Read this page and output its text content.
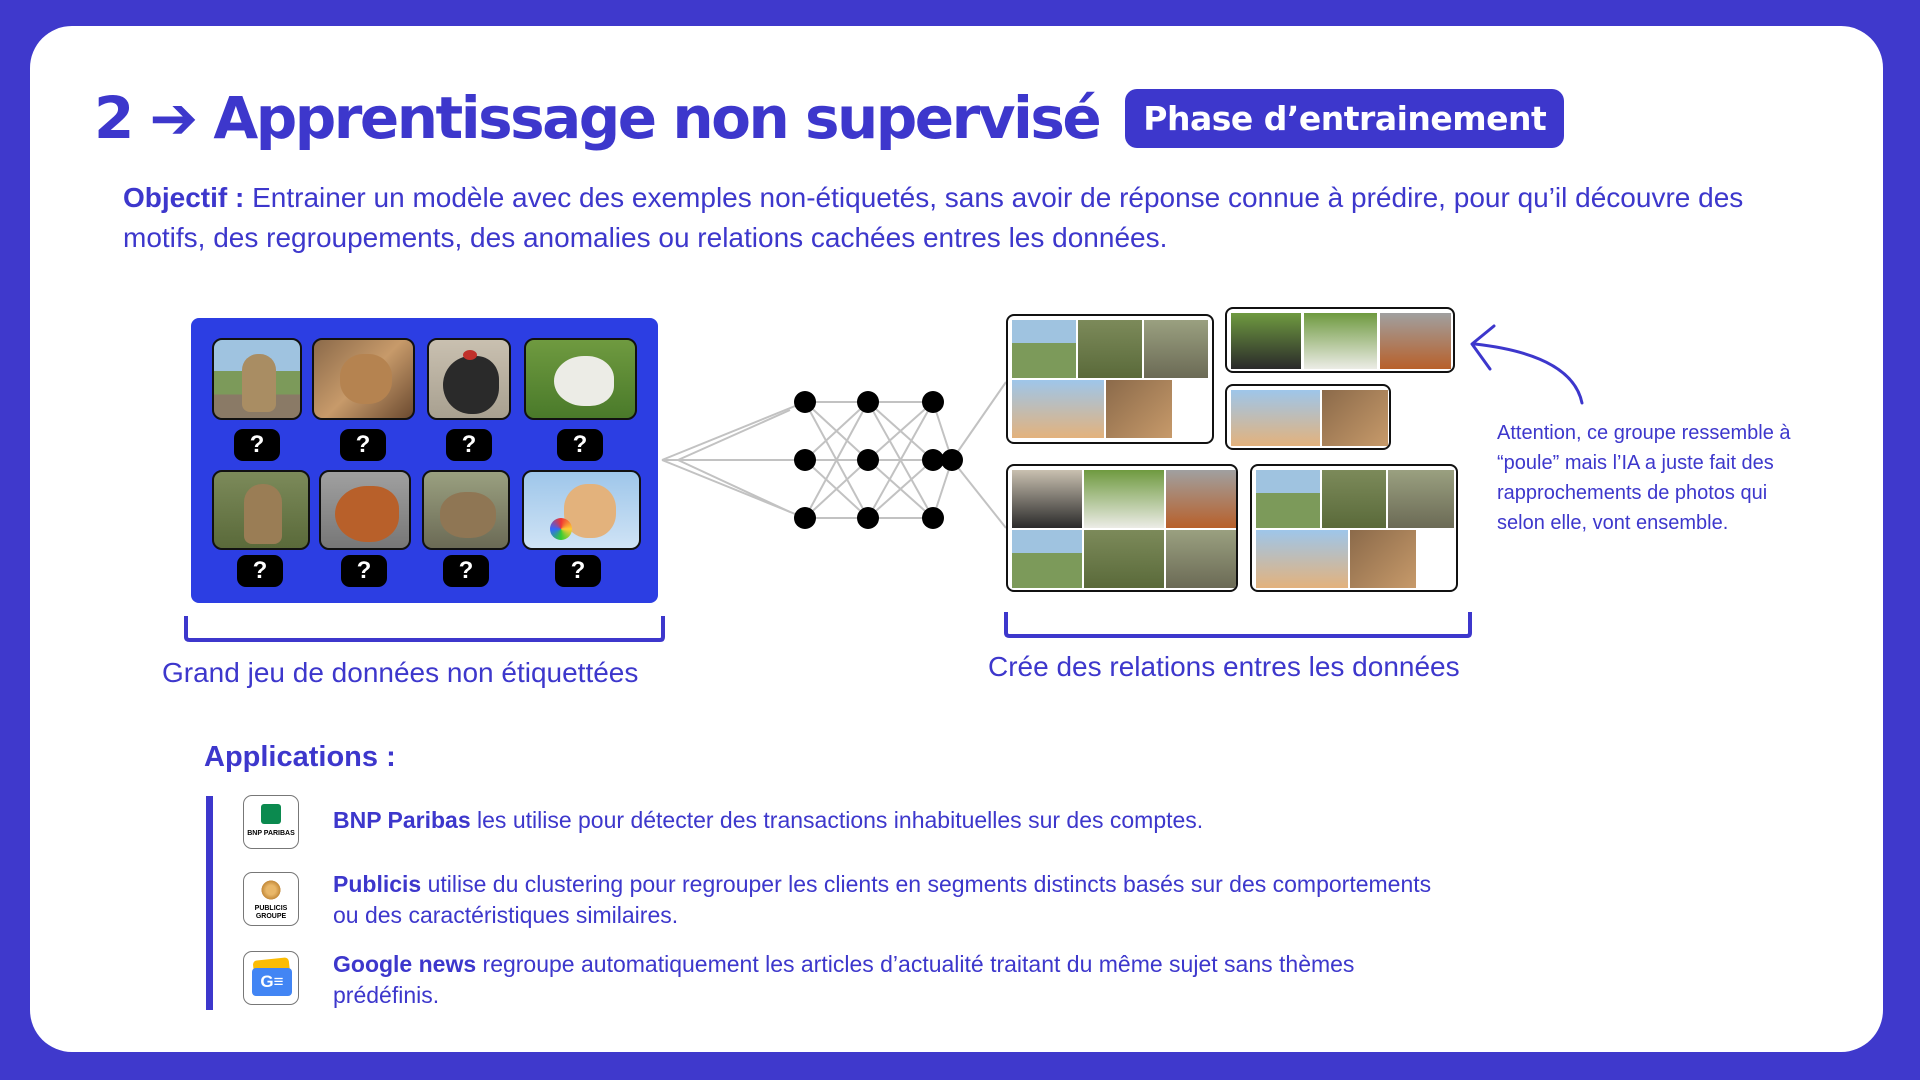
2 ➔ Apprentissage non supervisé	Phase d’entrainement

Objectif : Entrainer un modèle avec des exemples non-étiquetés, sans avoir de réponse connue à prédire, pour qu’il découvre des motifs, des regroupements, des anomalies ou relations cachées entres les données.

?	?	?	?
?	?	?	?
Grand jeu de données non étiquettées	Crée des relations entres les données
Attention, ce groupe ressemble à “poule” mais l’IA a juste fait des rapprochements de photos qui selon elle, vont ensemble.
Applications :
BNP PARIBAS

BNP Paribas les utilise pour détecter des transactions inhabituelles sur des comptes.

PUBLICIS GROUPE

Publicis utilise du clustering pour regrouper les clients en segments distincts basés sur des comportements ou des caractéristiques similaires.

G≡

Google news regroupe automatiquement les articles d’actualité traitant du même sujet sans thèmes prédéfinis.
